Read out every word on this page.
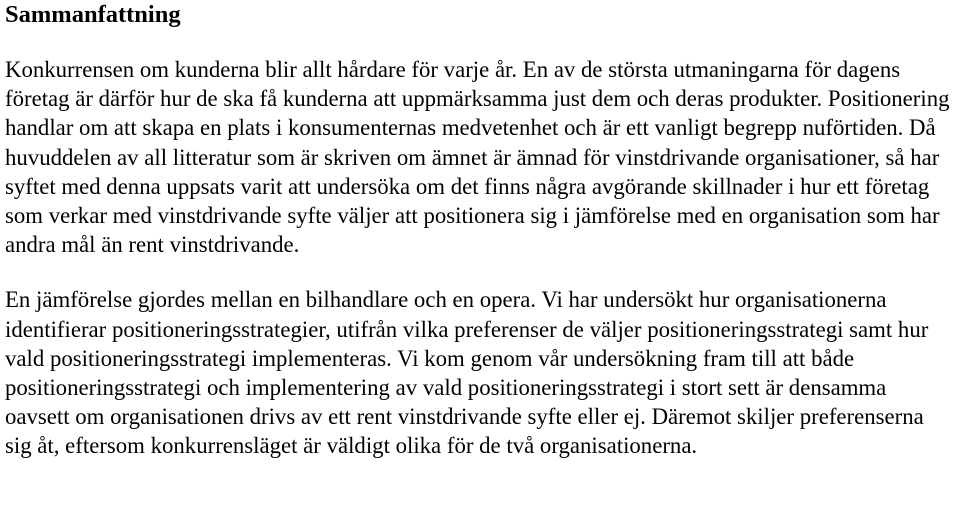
Sammanfattning

Konkurrensen om kunderna blir allt hårdare för varje år. En av de största utmaningarna för dagens företag är därför hur de ska få kunderna att uppmärksamma just dem och deras produkter. Positionering handlar om att skapa en plats i konsumenternas medvetenhet och är ett vanligt begrepp nuförtiden. Då huvuddelen av all litteratur som är skriven om ämnet är ämnad för vinstdrivande organisationer, så har syftet med denna uppsats varit att undersöka om det finns några avgörande skillnader i hur ett företag som verkar med vinstdrivande syfte väljer att positionera sig i jämförelse med en organisation som har andra mål än rent vinstdrivande.

En jämförelse gjordes mellan en bilhandlare och en opera. Vi har undersökt hur organisationerna identifierar positioneringsstrategier, utifrån vilka preferenser de väljer positioneringsstrategi samt hur vald positioneringsstrategi implementeras. Vi kom genom vår undersökning fram till att både positioneringsstrategi och implementering av vald positioneringsstrategi i stort sett är densamma oavsett om organisationen drivs av ett rent vinstdrivande syfte eller ej. Däremot skiljer preferenserna sig åt, eftersom konkurrensläget är väldigt olika för de två organisationerna.
